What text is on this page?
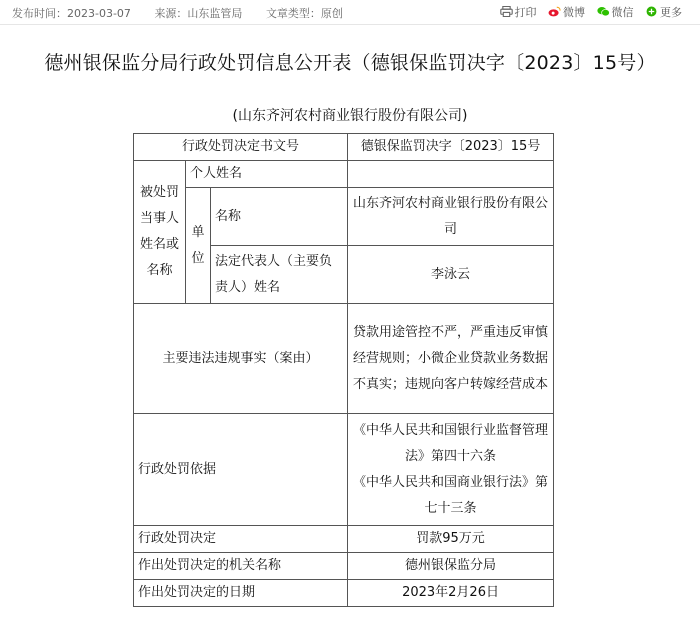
发布时间：2023-03-07 来源：山东监管局 文章类型：原创	打印 微博 微信 更多
德州银保监分局行政处罚信息公开表（德银保监罚决字〔2023〕15号）
(山东齐河农村商业银行股份有限公司)
行政处罚决定书文号			德银保监罚决字〔2023〕15号
被处罚当事人姓名或名称	个人姓名		
	单位	名称	山东齐河农村商业银行股份有限公司
		法定代表人（主要负责人）姓名	李泳云
主要违法违规事实（案由）			贷款用途管控不严，严重违反审慎经营规则；小微企业贷款业务数据不真实；违规向客户转嫁经营成本
行政处罚依据			《中华人民共和国银行业监督管理法》第四十六条
《中华人民共和国商业银行法》第七十三条

行政处罚决定			罚款95万元
作出处罚决定的机关名称			德州银保监分局
作出处罚决定的日期			2023年2月26日
